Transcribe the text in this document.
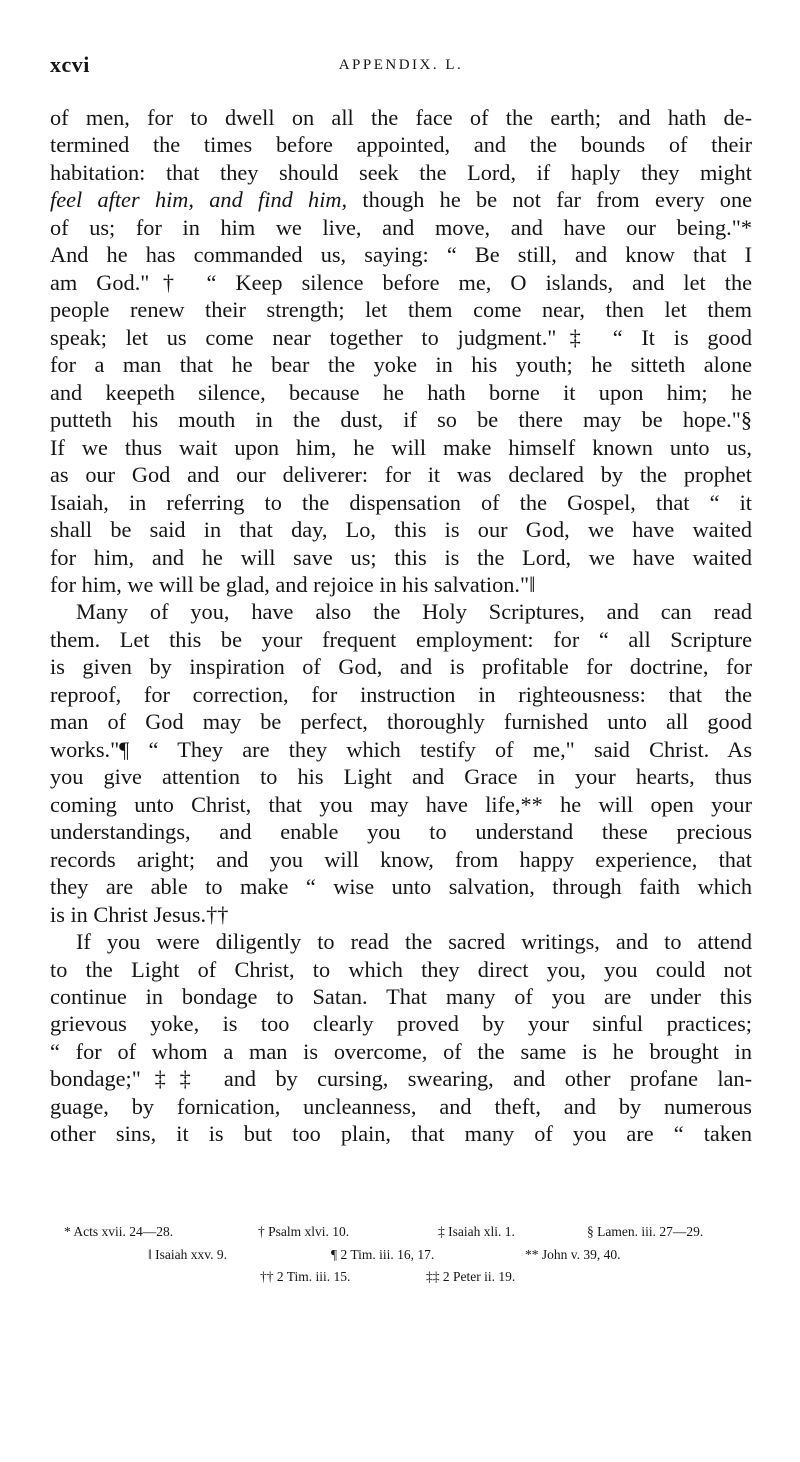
xcvi	APPENDIX. L.
of men, for to dwell on all the face of the earth; and hath de-
termined the times before appointed, and the bounds of their
habitation: that they should seek the Lord, if haply they might
feel after him, and find him, though he be not far from every one
of us; for in him we live, and move, and have our being."*
And he has commanded us, saying: “ Be still, and know that I
am God."† “ Keep silence before me, O islands, and let the
people renew their strength; let them come near, then let them
speak; let us come near together to judgment."‡ “ It is good
for a man that he bear the yoke in his youth; he sitteth alone
and keepeth silence, because he hath borne it upon him; he
putteth his mouth in the dust, if so be there may be hope."§
If we thus wait upon him, he will make himself known unto us,
as our God and our deliverer: for it was declared by the prophet
Isaiah, in referring to the dispensation of the Gospel, that “ it
shall be said in that day, Lo, this is our God, we have waited
for him, and he will save us; this is the Lord, we have waited
for him, we will be glad, and rejoice in his salvation."‖
Many of you, have also the Holy Scriptures, and can read
them. Let this be your frequent employment: for “ all Scripture
is given by inspiration of God, and is profitable for doctrine, for
reproof, for correction, for instruction in righteousness: that the
man of God may be perfect, thoroughly furnished unto all good
works."¶ “ They are they which testify of me," said Christ. As
you give attention to his Light and Grace in your hearts, thus
coming unto Christ, that you may have life,** he will open your
understandings, and enable you to understand these precious
records aright; and you will know, from happy experience, that
they are able to make “ wise unto salvation, through faith which
is in Christ Jesus.††
If you were diligently to read the sacred writings, and to attend
to the Light of Christ, to which they direct you, you could not
continue in bondage to Satan. That many of you are under this
grievous yoke, is too clearly proved by your sinful practices;
“ for of whom a man is overcome, of the same is he brought in
bondage;"‡‡ and by cursing, swearing, and other profane lan-
guage, by fornication, uncleanness, and theft, and by numerous
other sins, it is but too plain, that many of you are “ taken
* Acts xvii. 24—28.	† Psalm xlvi. 10.	‡ Isaiah xli. 1.	§ Lamen. iii. 27—29.
‖ Isaiah xxv. 9.	¶ 2 Tim. iii. 16, 17.	** John v. 39, 40.
†† 2 Tim. iii. 15.	‡‡ 2 Peter ii. 19.
